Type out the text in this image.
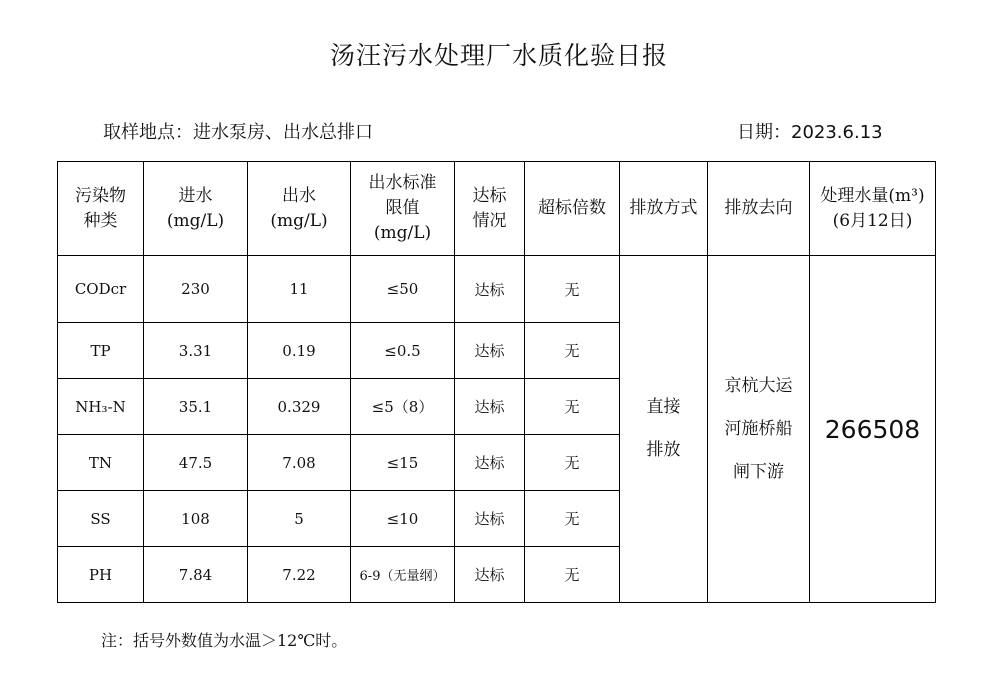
汤汪污水处理厂水质化验日报
取样地点：进水泵房、出水总排口	日期：2023.6.13
污染物种类	进水(mg/L)	出水(mg/L)	出水标准限值(mg/L)	达标情况	超标倍数	排放方式	排放去向	处理水量(m³)(6月12日)
CODcr	230	11	≤50	达标	无	直接排放	京杭大运河施桥船闸下游	266508
TP	3.31	0.19	≤0.5	达标	无			
NH₃-N	35.1	0.329	≤5（8）	达标	无			
TN	47.5	7.08	≤15	达标	无			
SS	108	5	≤10	达标	无			
PH	7.84	7.22	6-9（无量纲）	达标	无			
注：括号外数值为水温＞12℃时。
